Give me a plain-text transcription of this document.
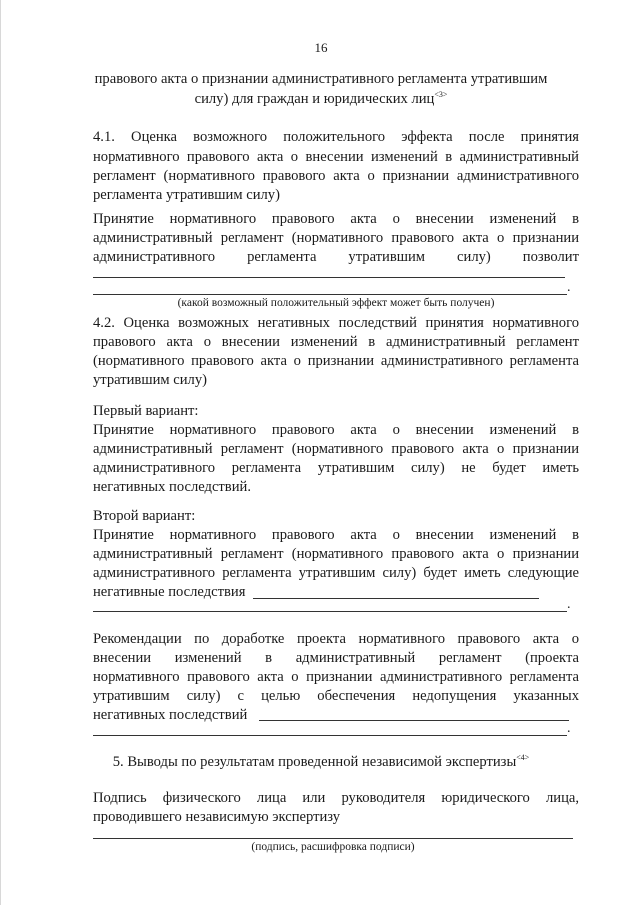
16
правового акта о признании административного регламента утратившим
силу) для граждан и юридических лиц$^{<3>}$
4.1. Оценка возможного положительного эффекта после принятия
нормативного правового акта о внесении изменений в административный
регламент (нормативного правового акта о признании административного
регламента утратившим силу)
Принятие нормативного правового акта о внесении изменений в
административный регламент (нормативного правового акта о признании
административного регламента утратившим силу) позволит
.
(какой возможный положительный эффект может быть получен)
4.2. Оценка возможных негативных последствий принятия нормативного
правового акта о внесении изменений в административный регламент
(нормативного правового акта о признании административного регламента
утратившим силу)
Первый вариант:
Принятие нормативного правового акта о внесении изменений в
административный регламент (нормативного правового акта о признании
административного регламента утратившим силу) не будет иметь
негативных последствий.
Второй вариант:
Принятие нормативного правового акта о внесении изменений в
административный регламент (нормативного правового акта о признании
административного регламента утратившим силу) будет иметь следующие
негативные последствия
.
Рекомендации по доработке проекта нормативного правового акта о
внесении изменений в административный регламент (проекта
нормативного правового акта о признании административного регламента
утратившим силу) с целью обеспечения недопущения указанных
негативных последствий
.
5. Выводы по результатам проведенной независимой экспертизы$^{<4>}$
Подпись физического лица или руководителя юридического лица,
проводившего независимую экспертизу
(подпись, расшифровка подписи)
